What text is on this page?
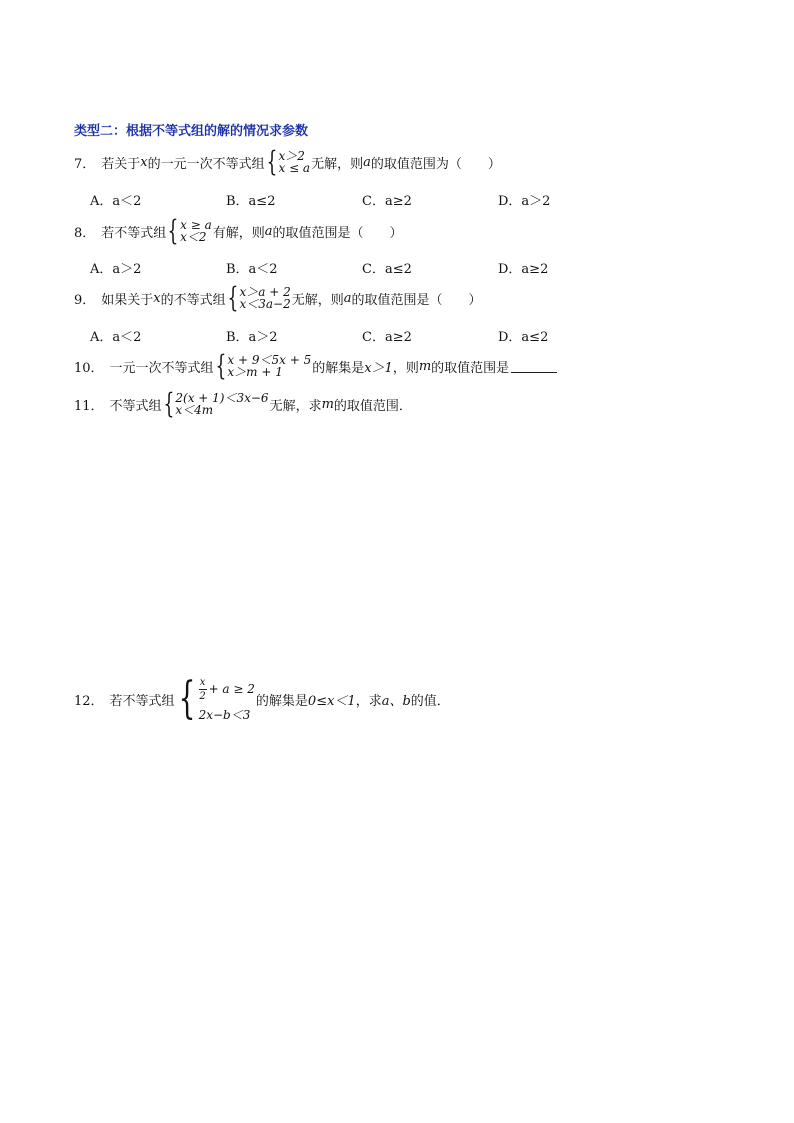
类型二：根据不等式组的解的情况求参数
7． 若关于 x 的一元一次不等式组 { x＞2
x ≤ a 无解，则 a 的取值范围为（　　）
A．a＜2	B．a≤2	C．a≥2	D．a＞2
8． 若不等式组 { x ≥ a
x＜2 有解，则 a 的取值范围是（　　）
A．a＞2	B．a＜2	C．a≤2	D．a≥2
9． 如果关于 x 的不等式组 { x＞a + 2
x＜3a−2 无解，则 a 的取值范围是（　　）
A．a＜2	B．a＞2	C．a≥2	D．a≤2
10． 一元一次不等式组 { x + 9＜5x + 5
x＞m + 1	的解集是 x＞1 ，则 m 的取值范围是
11． 不等式组 { 2(x + 1)＜3x−6
x＜4m	无解，求 m 的取值范围．
12． 若不等式组 { $\frac{x}{2} + a \ge 2$
2x−b＜3
的解集是 0≤x＜1 ，求 a、b 的值．
